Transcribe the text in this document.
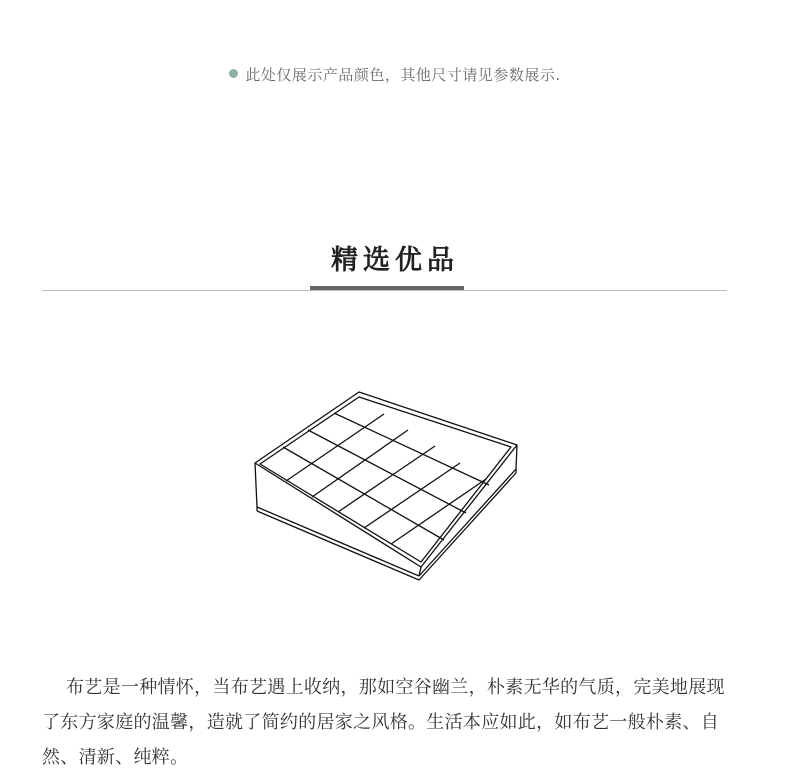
此处仅展示产品颜色，其他尺寸请见参数展示.
精选优品
布艺是一种情怀，当布艺遇上收纳，那如空谷幽兰，朴素无华的气质，完美地展现了东方家庭的温馨，造就了简约的居家之风格。生活本应如此，如布艺一般朴素、自然、清新、纯粹。
